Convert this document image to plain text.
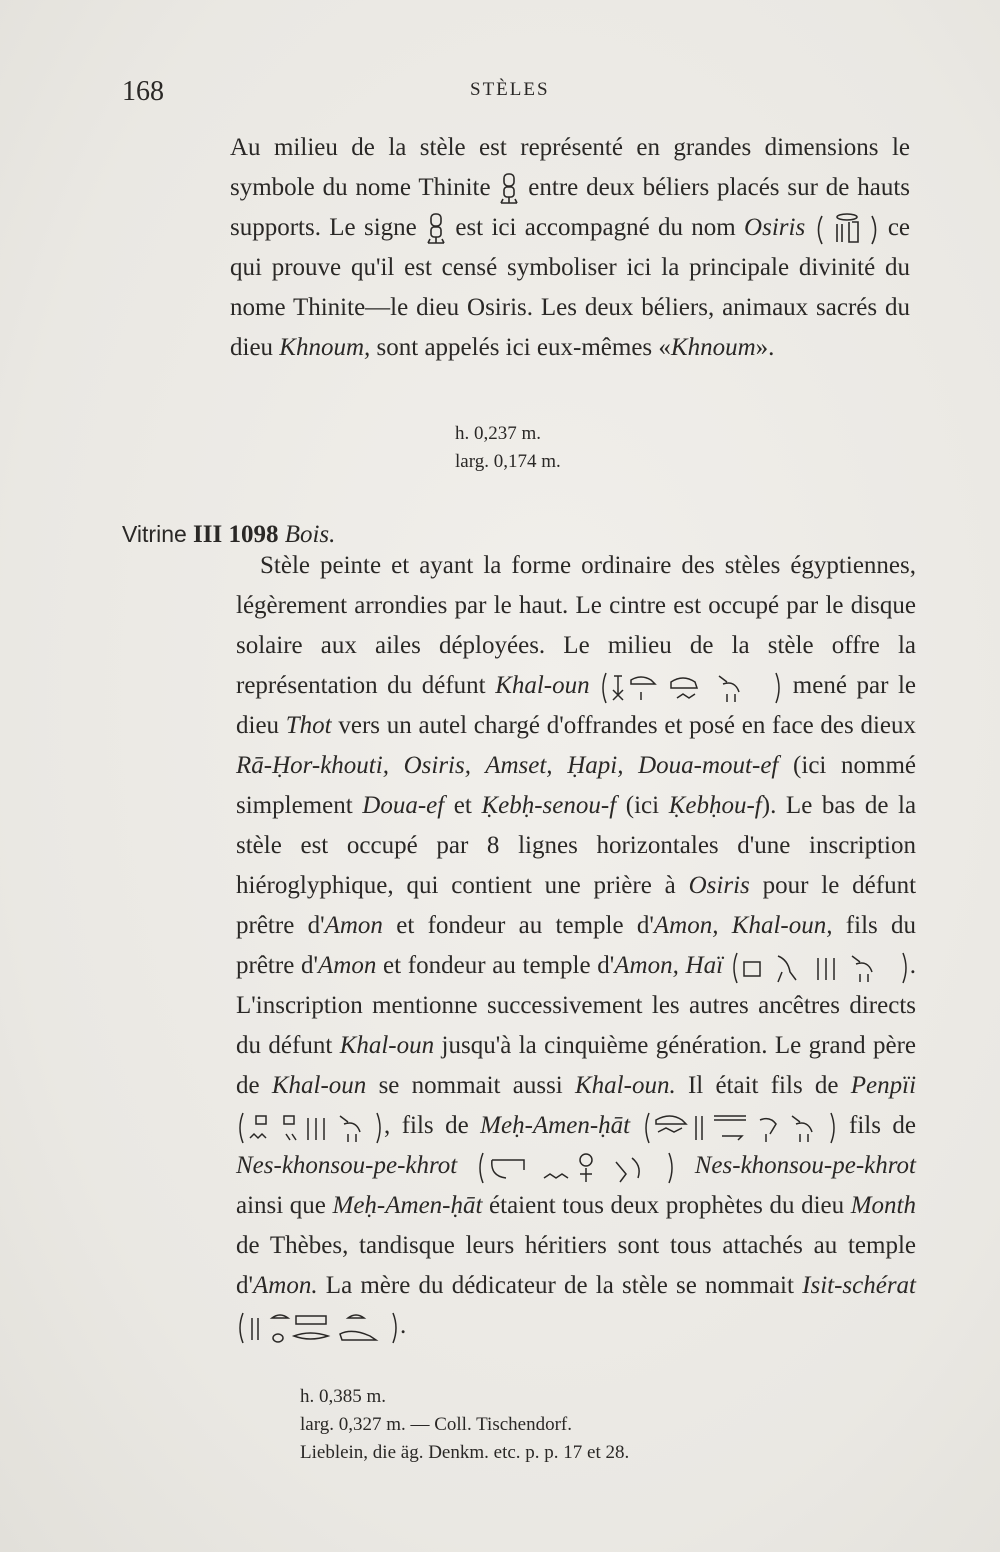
168	STÈLES

Au milieu de la stèle est représenté en grandes dimensions le symbole du nome Thinite entre deux béliers placés sur de hauts supports. Le signe est ici accompagné du nom Osiris	ce qui prouve qu'il est censé symboliser ici la principale divinité du nome Thinite—le dieu Osiris. Les deux béliers, animaux sacrés du dieu Khnoum, sont appelés ici eux-mêmes «Khnoum».

h. 0,237 m.
larg. 0,174 m.
Vitrine III 1098 Bois.

Stèle peinte et ayant la forme ordinaire des stèles égyptiennes, légèrement arrondies par le haut. Le cintre est occupé par le disque solaire aux ailes déployées. Le milieu de la stèle offre la représentation du défunt Khal-oun	mené par le dieu Thot vers un autel chargé d'offrandes et posé en face des dieux Rā-Ḥor-khouti, Osiris, Amset, Ḥapi, Doua-mout-ef (ici nommé simplement Doua-ef et Ḳebḥ-senou-f (ici Ḳebḥou-f). Le bas de la stèle est occupé par 8 lignes horizontales d'une inscription hiéroglyphique, qui contient une prière à Osiris pour le défunt prêtre d'Amon et fondeur au temple d'Amon, Khal-oun, fils du prêtre d'Amon et fondeur au temple d'Amon, Haï	. L'inscription mentionne successivement les autres ancêtres directs du défunt Khal-oun jusqu'à la cinquième génération. Le grand père de Khal-oun se nommait aussi Khal-oun. Il était fils de Penpïi
, fils de Meḥ-Amen-ḥāt	fils de Nes-khonsou-pe-khrot	Nes-khonsou-pe-khrot ainsi que Meḥ-Amen-ḥāt étaient tous deux prophètes du dieu Month de Thèbes, tandisque leurs héritiers sont tous attachés au temple d'Amon. La mère du dédicateur de la stèle se nommait Isit-schérat
.

h. 0,385 m.
larg. 0,327 m. — Coll. Tischendorf.
Lieblein, die äg. Denkm. etc. p. p. 17 et 28.
